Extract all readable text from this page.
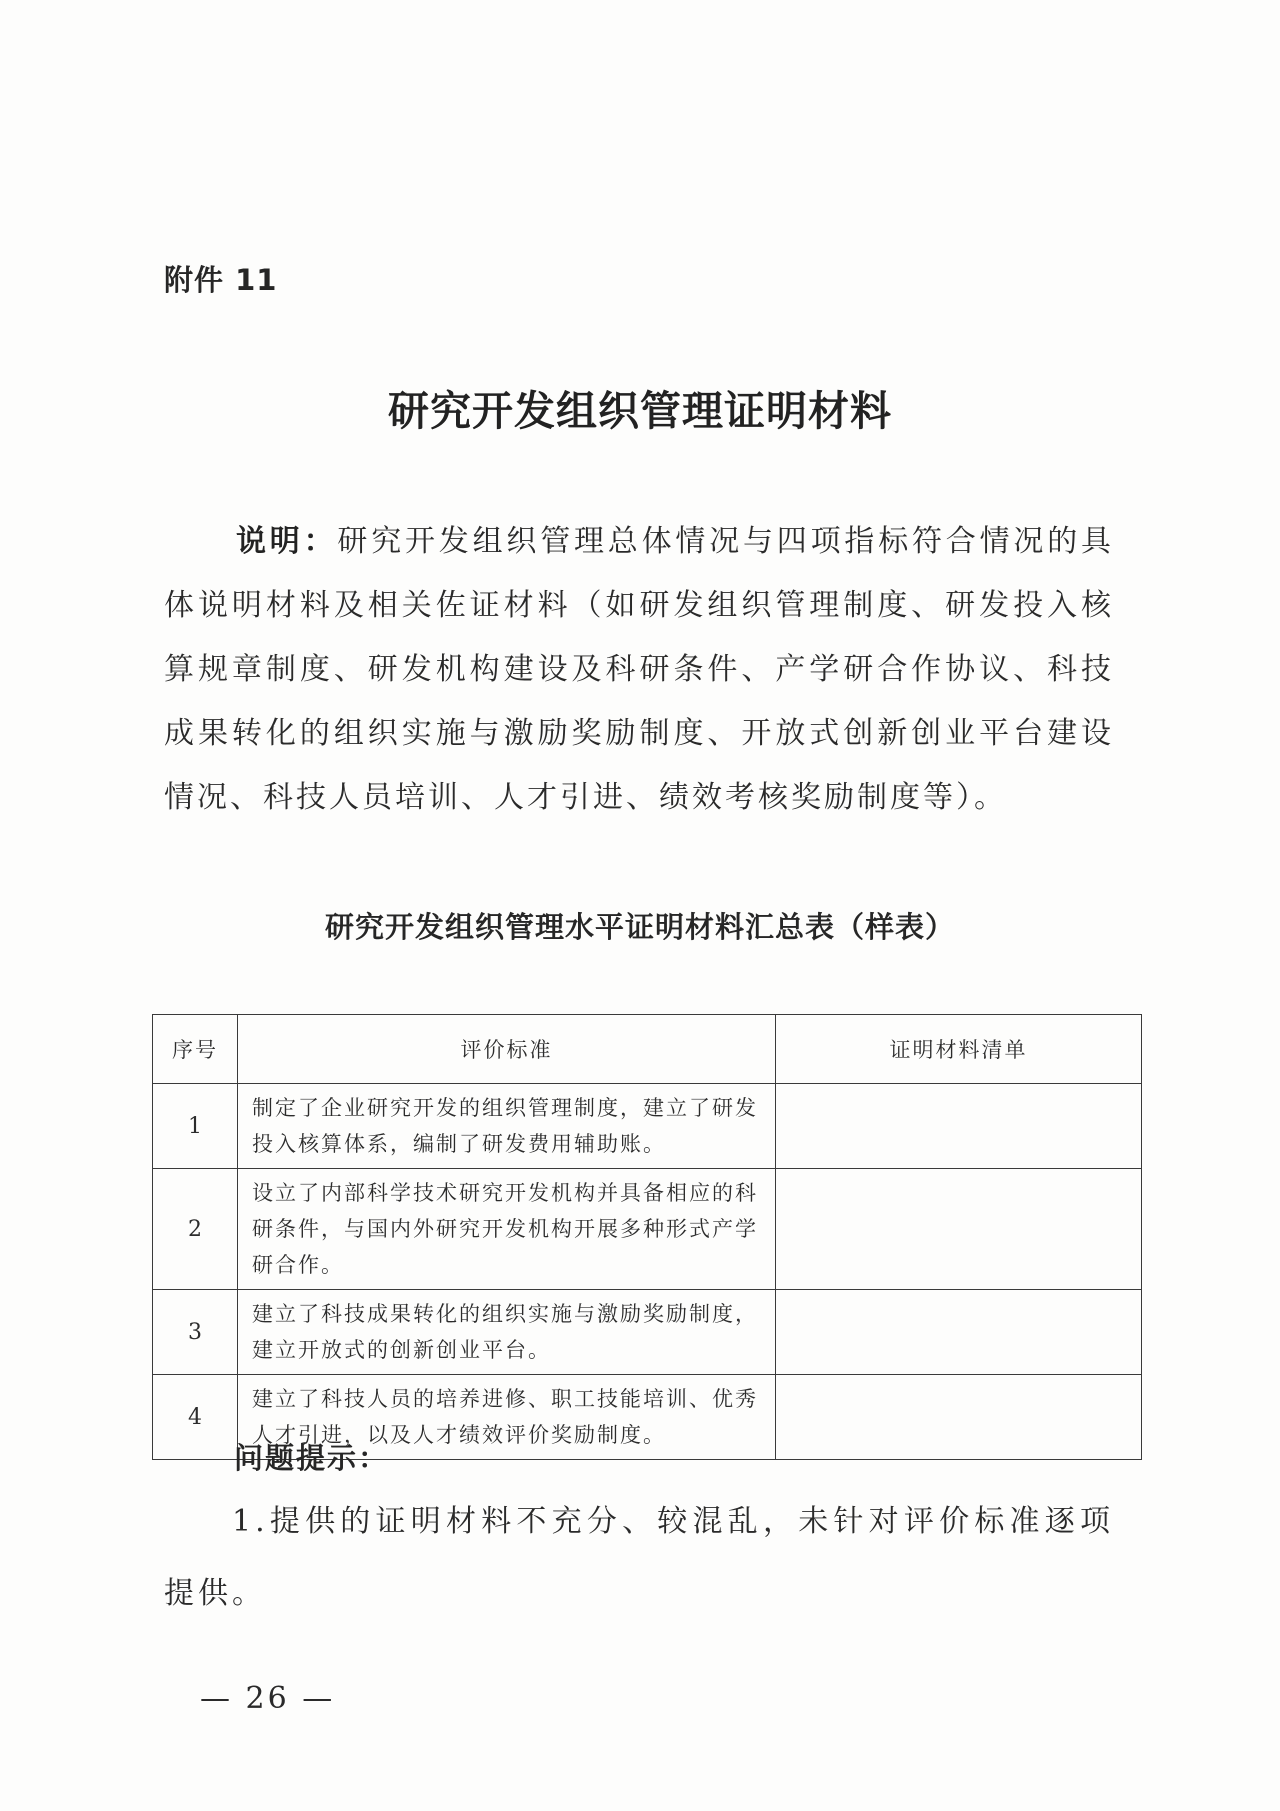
附件 11
研究开发组织管理证明材料
说明：研究开发组织管理总体情况与四项指标符合情况的具体说明材料及相关佐证材料（如研发组织管理制度、研发投入核算规章制度、研发机构建设及科研条件、产学研合作协议、科技成果转化的组织实施与激励奖励制度、开放式创新创业平台建设情况、科技人员培训、人才引进、绩效考核奖励制度等）。
研究开发组织管理水平证明材料汇总表（样表）
序号	评价标准	证明材料清单
1	制定了企业研究开发的组织管理制度，建立了研发投入核算体系，编制了研发费用辅助账。	
2	设立了内部科学技术研究开发机构并具备相应的科研条件，与国内外研究开发机构开展多种形式产学研合作。	
3	建立了科技成果转化的组织实施与激励奖励制度，建立开放式的创新创业平台。	
4	建立了科技人员的培养进修、职工技能培训、优秀人才引进，以及人才绩效评价奖励制度。	
问题提示：
1.提供的证明材料不充分、较混乱，未针对评价标准逐项提供。
— 26 —
